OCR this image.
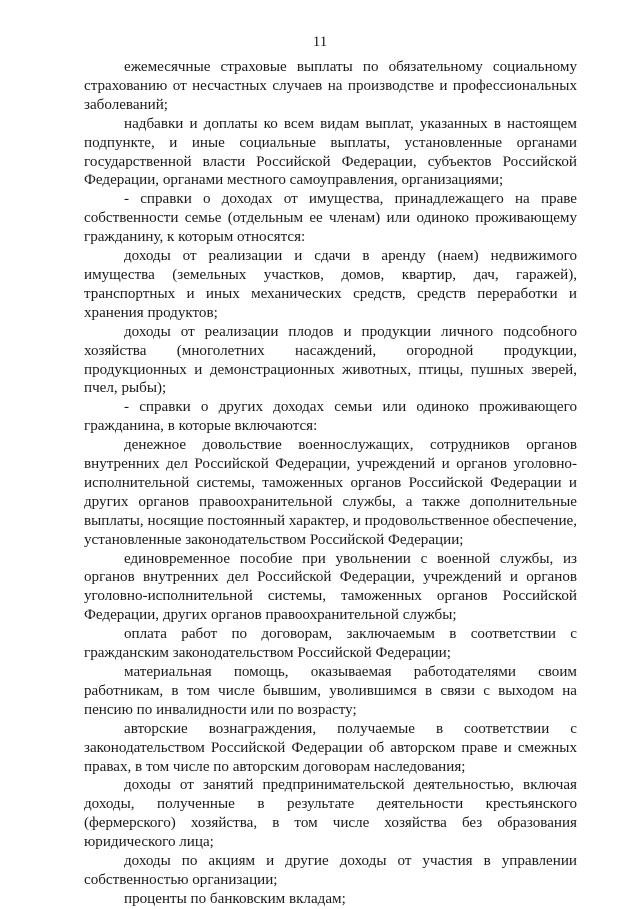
11

ежемесячные страховые выплаты по обязательному социальному страхованию от несчастных случаев на производстве и профессиональных заболеваний;

надбавки и доплаты ко всем видам выплат, указанных в настоящем подпункте, и иные социальные выплаты, установленные органами государственной власти Российской Федерации, субъектов Российской Федерации, органами местного самоуправления, организациями;

- справки о доходах от имущества, принадлежащего на праве собственности семье (отдельным ее членам) или одиноко проживающему гражданину, к которым относятся:

доходы от реализации и сдачи в аренду (наем) недвижимого имущества (земельных участков, домов, квартир, дач, гаражей), транспортных и иных механических средств, средств переработки и хранения продуктов;

доходы от реализации плодов и продукции личного подсобного хозяйства (многолетних насаждений, огородной продукции, продукционных и демонстрационных животных, птицы, пушных зверей, пчел, рыбы);

- справки о других доходах семьи или одиноко проживающего гражданина, в которые включаются:

денежное довольствие военнослужащих, сотрудников органов внутренних дел Российской Федерации, учреждений и органов уголовно-исполнительной системы, таможенных органов Российской Федерации и других органов правоохранительной службы, а также дополнительные выплаты, носящие постоянный характер, и продовольственное обеспечение, установленные законодательством Российской Федерации;

единовременное пособие при увольнении с военной службы, из органов внутренних дел Российской Федерации, учреждений и органов уголовно-исполнительной системы, таможенных органов Российской Федерации, других органов правоохранительной службы;

оплата работ по договорам, заключаемым в соответствии с гражданским законодательством Российской Федерации;

материальная помощь, оказываемая работодателями своим работникам, в том числе бывшим, уволившимся в связи с выходом на пенсию по инвалидности или по возрасту;

авторские вознаграждения, получаемые в соответствии с законодательством Российской Федерации об авторском праве и смежных правах, в том числе по авторским договорам наследования;

доходы от занятий предпринимательской деятельностью, включая доходы, полученные в результате деятельности крестьянского (фермерского) хозяйства, в том числе хозяйства без образования юридического лица;

доходы по акциям и другие доходы от участия в управлении собственностью организации;

проценты по банковским вкладам;
